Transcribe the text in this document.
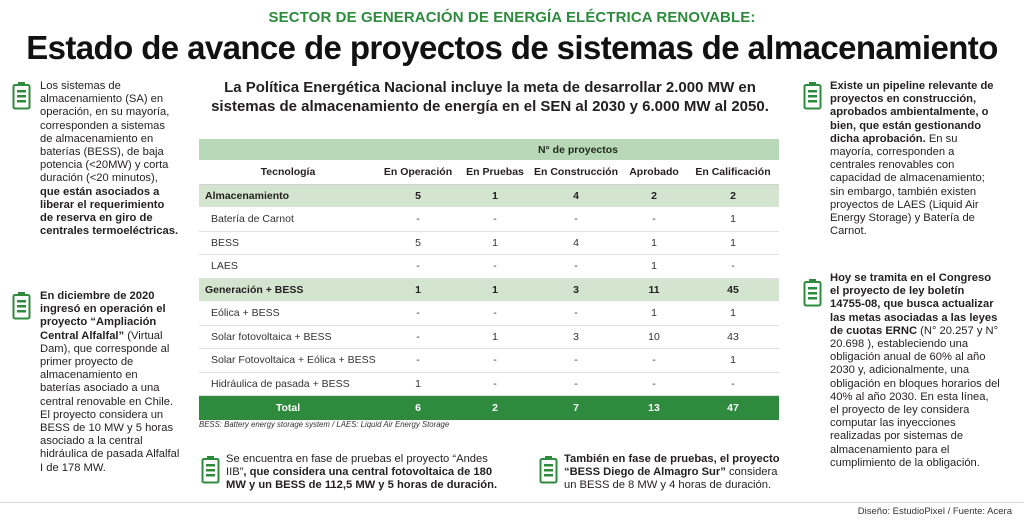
SECTOR DE GENERACIÓN DE ENERGÍA ELÉCTRICA RENOVABLE:
Estado de avance de proyectos de sistemas de almacenamiento
Los sistemas de almacenamiento (SA) en operación, en su mayoría, corresponden a sistemas de almacenamiento en baterías (BESS), de baja potencia (<20MW) y corta duración (<20 minutos), que están asociados a liberar el requerimiento de reserva en giro de centrales termoeléctricas.
En diciembre de 2020 ingresó en operación el proyecto “Ampliación Central Alfalfal” (Virtual Dam), que corresponde al primer proyecto de almacenamiento en baterías asociado a una central renovable en Chile. El proyecto considera un BESS de 10 MW y 5 horas asociado a la central hidráulica de pasada Alfalfal I de 178 MW.
La Política Energética Nacional incluye la meta de desarrollar 2.000 MW en sistemas de almacenamiento de energía en el SEN al 2030 y 6.000 MW al 2050.
	N° de proyectos				
Tecnología	En Operación	En Pruebas	En Construcción	Aprobado	En Calificación
Almacenamiento	5	1	4	2	2
Batería de Carnot	-	-	-	-	1
BESS	5	1	4	1	1
LAES	-	-	-	1	-
Generación + BESS	1	1	3	11	45
Eólica + BESS	-	-	-	1	1
Solar fotovoltaica + BESS	-	1	3	10	43
Solar Fotovoltaica + Eólica + BESS	-	-	-	-	1
Hidráulica de pasada + BESS	1	-	-	-	-
Total	6	2	7	13	47
BESS: Battery energy storage system / LAES: Liquid Air Energy Storage
Se encuentra en fase de pruebas el proyecto “Andes IIB”, que considera una central fotovoltaica de 180 MW y un BESS de 112,5 MW y 5 horas de duración.
También en fase de pruebas, el proyecto “BESS Diego de Almagro Sur” considera un BESS de 8 MW y 4 horas de duración.
Existe un pipeline relevante de proyectos en construcción, aprobados ambientalmente, o bien, que están gestionando dicha aprobación. En su mayoría, corresponden a centrales renovables con capacidad de almacenamiento; sin embargo, también existen proyectos de LAES (Liquid Air Energy Storage) y Batería de Carnot.
Hoy se tramita en el Congreso el proyecto de ley boletín 14755-08, que busca actualizar las metas asociadas a las leyes de cuotas ERNC (N° 20.257 y N° 20.698 ), estableciendo una obligación anual de 60% al año 2030 y, adicionalmente, una obligación en bloques horarios del 40% al año 2030. En esta línea, el proyecto de ley considera computar las inyecciones realizadas por sistemas de almacenamiento para el cumplimiento de la obligación.
Diseño: EstudioPixel / Fuente: Acera
